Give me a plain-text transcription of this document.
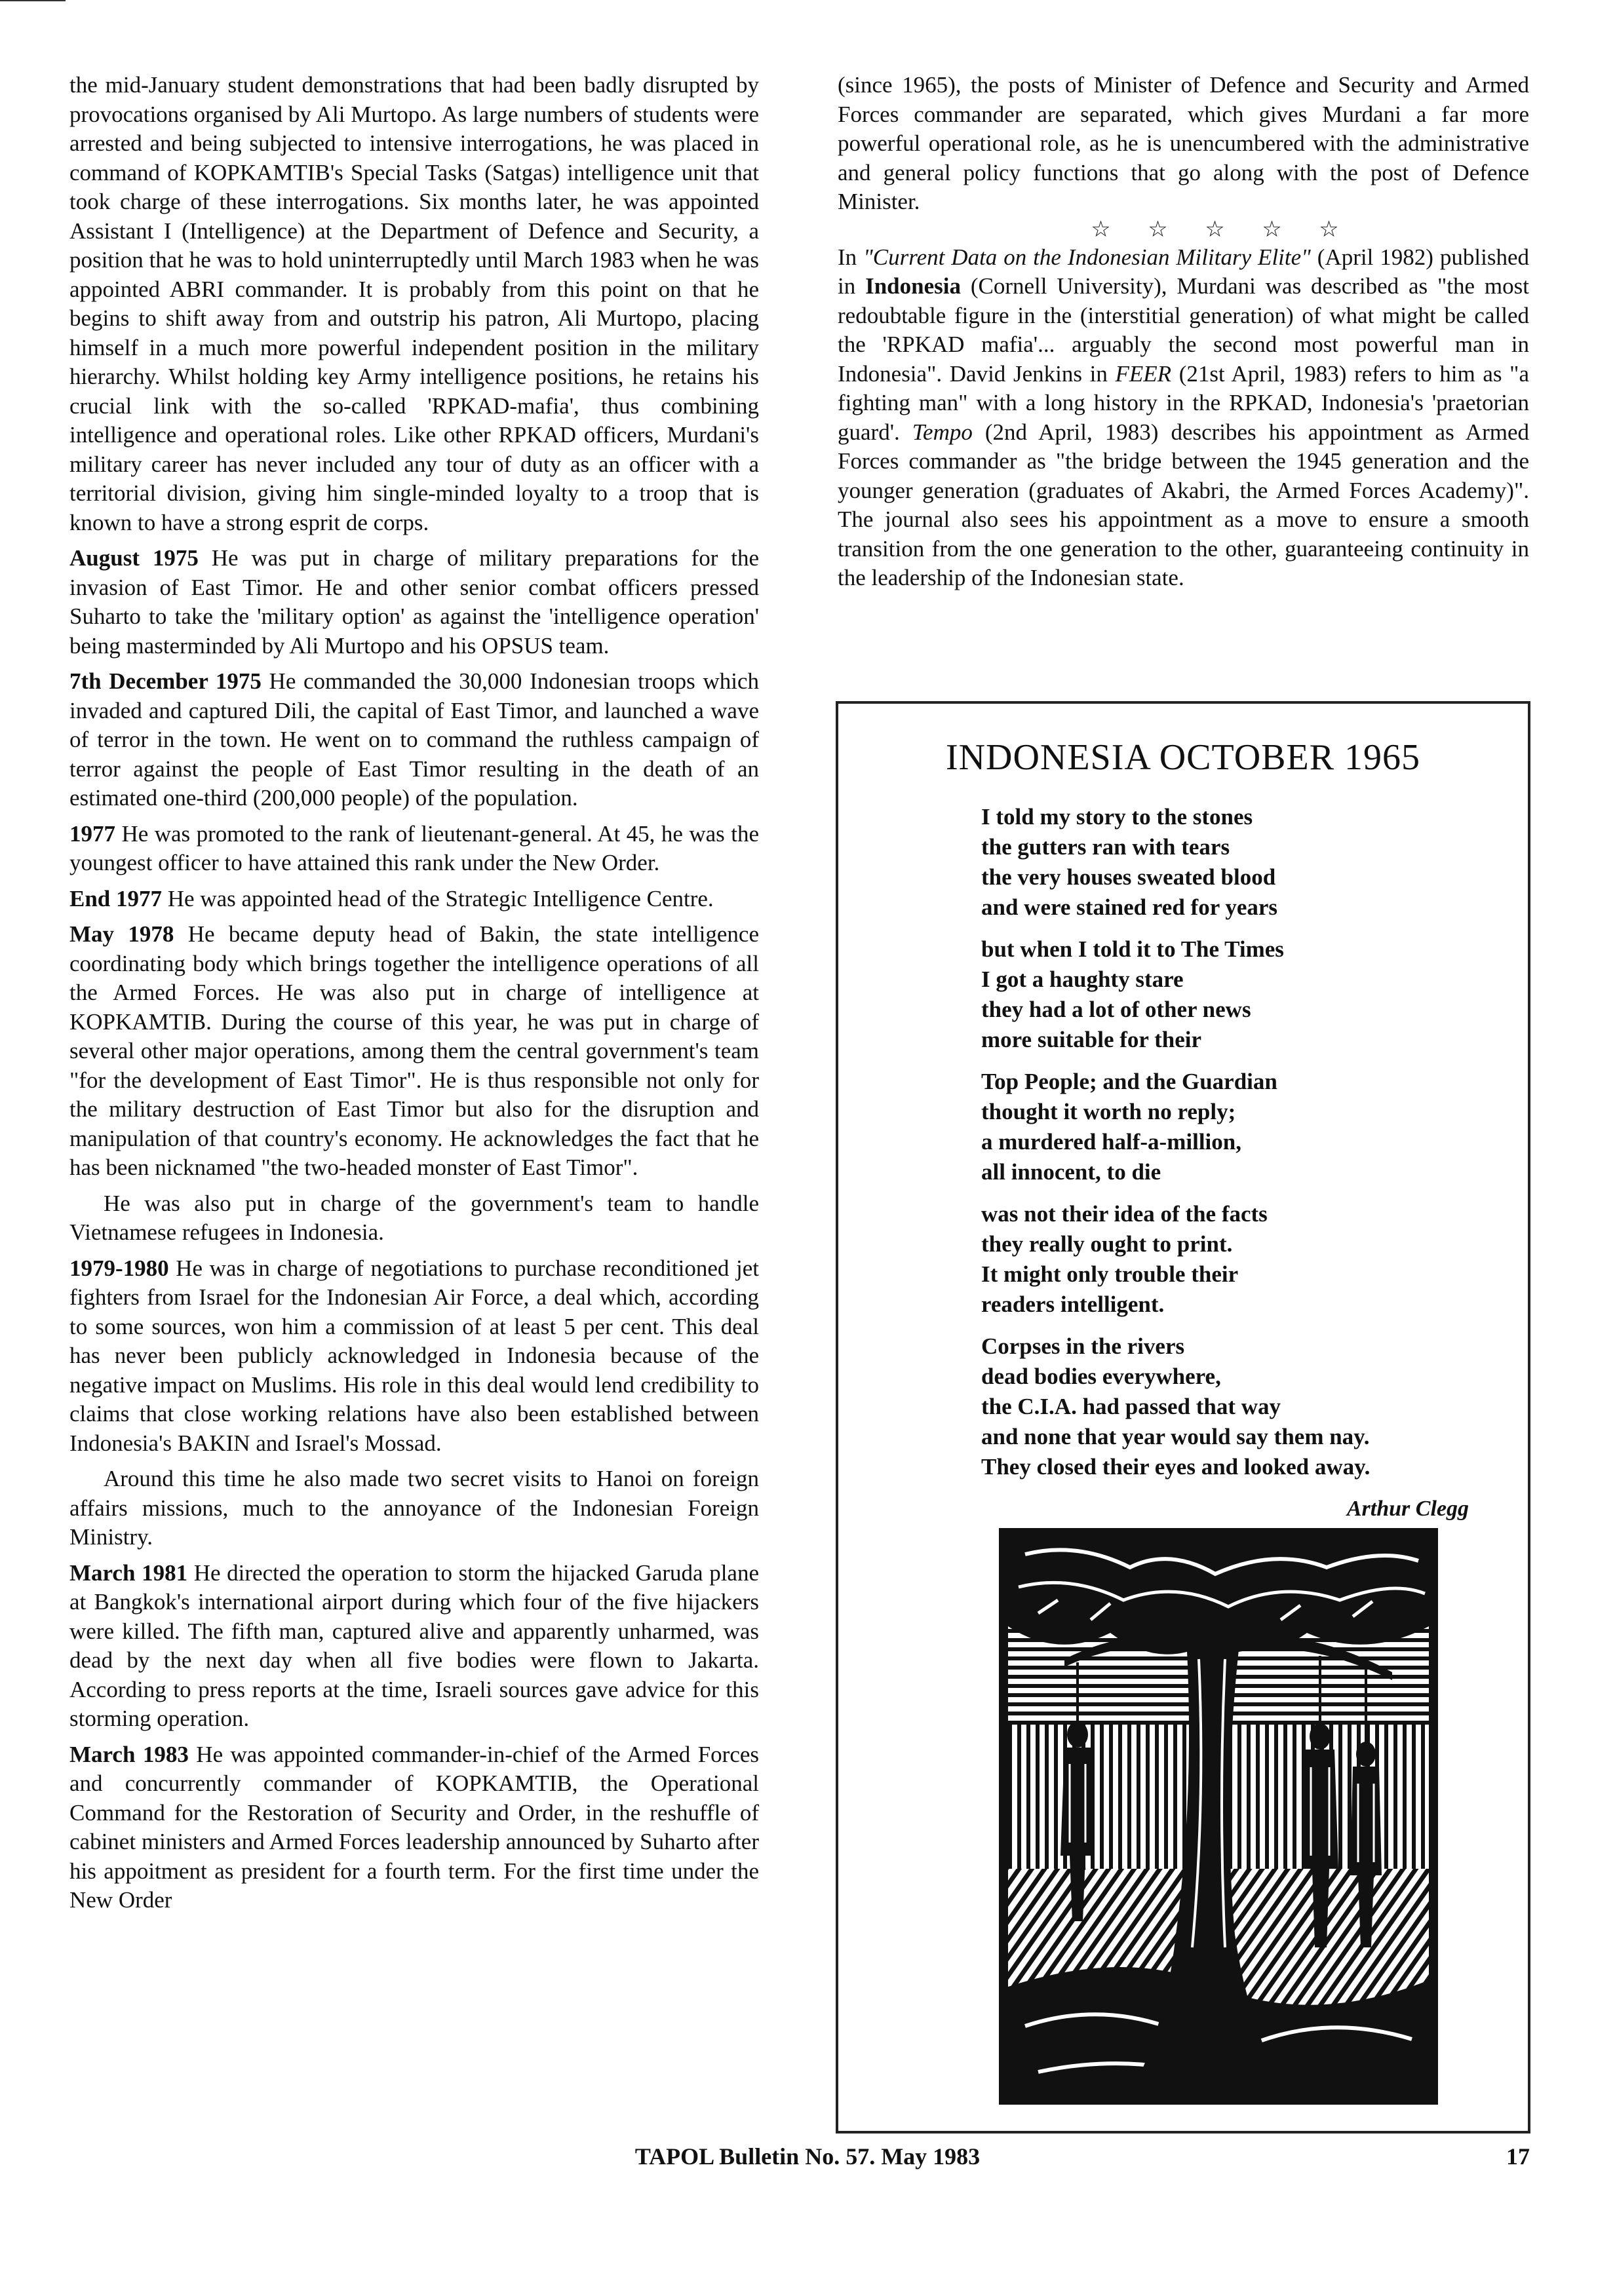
the mid-January student demonstrations that had been badly disrupted by provocations organised by Ali Murtopo. As large numbers of students were arrested and being subjected to intensive interrogations, he was placed in command of KOPKAMTIB's Special Tasks (Satgas) intelligence unit that took charge of these interrogations. Six months later, he was appointed Assistant I (Intelligence) at the Department of Defence and Security, a position that he was to hold uninterruptedly until March 1983 when he was appointed ABRI commander. It is probably from this point on that he begins to shift away from and outstrip his patron, Ali Murtopo, placing himself in a much more powerful independent position in the military hierarchy. Whilst holding key Army intelligence positions, he retains his crucial link with the so-called 'RPKAD-mafia', thus combining intelligence and operational roles. Like other RPKAD officers, Murdani's military career has never included any tour of duty as an officer with a territorial division, giving him single-minded loyalty to a troop that is known to have a strong esprit de corps.

August 1975 He was put in charge of military preparations for the invasion of East Timor. He and other senior combat officers pressed Suharto to take the 'military option' as against the 'intelligence operation' being masterminded by Ali Murtopo and his OPSUS team.

7th December 1975 He commanded the 30,000 Indonesian troops which invaded and captured Dili, the capital of East Timor, and launched a wave of terror in the town. He went on to command the ruthless campaign of terror against the people of East Timor resulting in the death of an estimated one-third (200,000 people) of the population.

1977 He was promoted to the rank of lieutenant-general. At 45, he was the youngest officer to have attained this rank under the New Order.

End 1977 He was appointed head of the Strategic Intelligence Centre.

May 1978 He became deputy head of Bakin, the state intelligence coordinating body which brings together the intelligence operations of all the Armed Forces. He was also put in charge of intelligence at KOPKAMTIB. During the course of this year, he was put in charge of several other major operations, among them the central government's team "for the development of East Timor". He is thus responsible not only for the military destruction of East Timor but also for the disruption and manipulation of that country's economy. He acknowledges the fact that he has been nicknamed "the two-headed monster of East Timor".

He was also put in charge of the government's team to handle Vietnamese refugees in Indonesia.

1979-1980 He was in charge of negotiations to purchase reconditioned jet fighters from Israel for the Indonesian Air Force, a deal which, according to some sources, won him a commission of at least 5 per cent. This deal has never been publicly acknowledged in Indonesia because of the negative impact on Muslims. His role in this deal would lend credibility to claims that close working relations have also been established between Indonesia's BAKIN and Israel's Mossad.

Around this time he also made two secret visits to Hanoi on foreign affairs missions, much to the annoyance of the Indonesian Foreign Ministry.

March 1981 He directed the operation to storm the hijacked Garuda plane at Bangkok's international airport during which four of the five hijackers were killed. The fifth man, captured alive and apparently unharmed, was dead by the next day when all five bodies were flown to Jakarta. According to press reports at the time, Israeli sources gave advice for this storming operation.

March 1983 He was appointed commander-in-chief of the Armed Forces and concurrently commander of KOPKAMTIB, the Operational Command for the Restoration of Security and Order, in the reshuffle of cabinet ministers and Armed Forces leadership announced by Suharto after his appoitment as president for a fourth term. For the first time under the New Order

(since 1965), the posts of Minister of Defence and Security and Armed Forces commander are separated, which gives Murdani a far more powerful operational role, as he is unencumbered with the administrative and general policy functions that go along with the post of Defence Minister.

☆ ☆ ☆ ☆ ☆

In "Current Data on the Indonesian Military Elite" (April 1982) published in Indonesia (Cornell University), Murdani was described as "the most redoubtable figure in the (interstitial generation) of what might be called the 'RPKAD mafia'... arguably the second most powerful man in Indonesia". David Jenkins in FEER (21st April, 1983) refers to him as "a fighting man" with a long history in the RPKAD, Indonesia's 'praetorian guard'. Tempo (2nd April, 1983) describes his appointment as Armed Forces commander as "the bridge between the 1945 generation and the younger generation (graduates of Akabri, the Armed Forces Academy)". The journal also sees his appointment as a move to ensure a smooth transition from the one generation to the other, guaranteeing continuity in the leadership of the Indonesian state.

INDONESIA OCTOBER 1965
I told my story to the stones
the gutters ran with tears
the very houses sweated blood
and were stained red for years
but when I told it to The Times
I got a haughty stare
they had a lot of other news
more suitable for their
Top People; and the Guardian
thought it worth no reply;
a murdered half-a-million,
all innocent, to die
was not their idea of the facts
they really ought to print.
It might only trouble their
readers intelligent.
Corpses in the rivers
dead bodies everywhere,
the C.I.A. had passed that way
and none that year would say them nay.
They closed their eyes and looked away.
Arthur Clegg
TAPOL Bulletin No. 57. May 1983	17
